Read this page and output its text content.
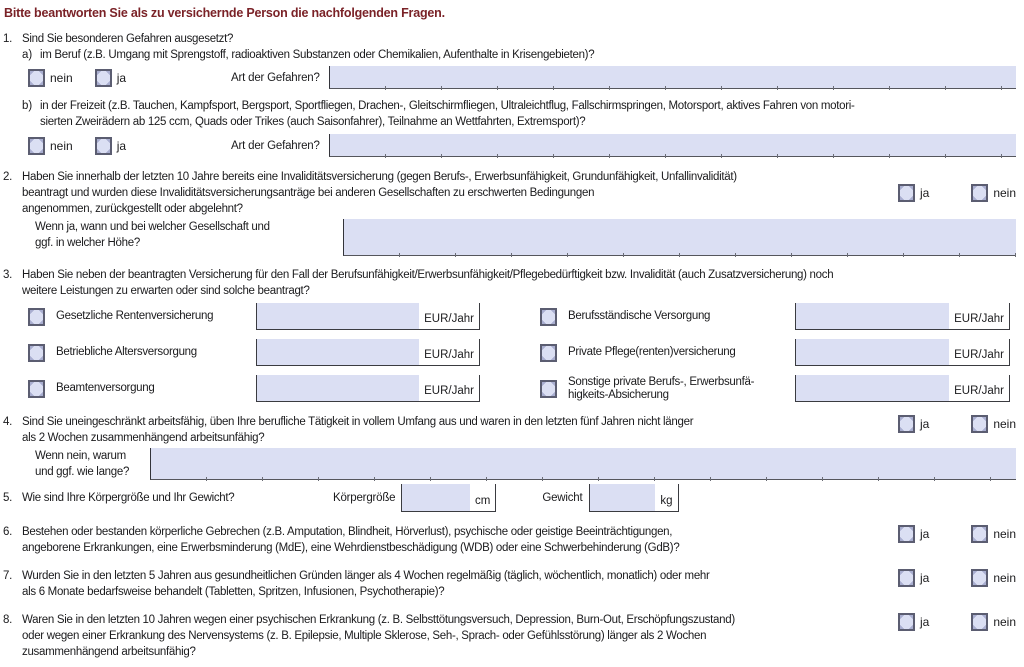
Bitte beantworten Sie als zu versichernde Person die nachfolgenden Fragen.
1. Sind Sie besonderen Gefahren ausgesetzt?
a) im Beruf (z.B. Umgang mit Sprengstoff, radioaktiven Substanzen oder Chemikalien, Aufenthalte in Krisengebieten)?
nein	ja	Art der Gefahren?
b) in der Freizeit (z.B. Tauchen, Kampfsport, Bergsport, Sportfliegen, Drachen-, Gleitschirmfliegen, Ultraleichtflug, Fallschirmspringen, Motorsport, aktives Fahren von motori-
sierten Zweirädern ab 125 ccm, Quads oder Trikes (auch Saisonfahrer), Teilnahme an Wettfahrten, Extremsport)?
nein	ja	Art der Gefahren?
2. Haben Sie innerhalb der letzten 10 Jahre bereits eine Invaliditätsversicherung (gegen Berufs-, Erwerbsunfähigkeit, Grundunfähigkeit, Unfallinvalidität)
beantragt und wurden diese Invaliditätsversicherungsanträge bei anderen Gesellschaften zu erschwerten Bedingungen
angenommen, zurückgestellt oder abgelehnt?
ja	nein
Wenn ja, wann und bei welcher Gesellschaft und
ggf. in welcher Höhe?
3. Haben Sie neben der beantragten Versicherung für den Fall der Berufsunfähigkeit/Erwerbsunfähigkeit/Pflegebedürftigkeit bzw. Invalidität (auch Zusatzversicherung) noch
weitere Leistungen zu erwarten oder sind solche beantragt?
Gesetzliche Rentenversicherung	EUR/Jahr	Berufsständische Versorgung	EUR/Jahr
Betriebliche Altersversorgung	EUR/Jahr	Private Pflege(renten)versicherung	EUR/Jahr
Beamtenversorgung	EUR/Jahr
Sonstige private Berufs-, Erwerbsunfä-
higkeits-Absicherung	EUR/Jahr
4. Sind Sie uneingeschränkt arbeitsfähig, üben Ihre berufliche Tätigkeit in vollem Umfang aus und waren in den letzten fünf Jahren nicht länger
als 2 Wochen zusammenhängend arbeitsunfähig?
ja	nein
Wenn nein, warum
und ggf. wie lange?
5. Wie sind Ihre Körpergröße und Ihr Gewicht?	Körpergröße	cm	Gewicht	kg
6. Bestehen oder bestanden körperliche Gebrechen (z.B. Amputation, Blindheit, Hörverlust), psychische oder geistige Beeinträchtigungen,
angeborene Erkrankungen, eine Erwerbsminderung (MdE), eine Wehrdienstbeschädigung (WDB) oder eine Schwerbehinderung (GdB)?
ja	nein
7. Wurden Sie in den letzten 5 Jahren aus gesundheitlichen Gründen länger als 4 Wochen regelmäßig (täglich, wöchentlich, monatlich) oder mehr
als 6 Monate bedarfsweise behandelt (Tabletten, Spritzen, Infusionen, Psychotherapie)?
ja	nein
8. Waren Sie in den letzten 10 Jahren wegen einer psychischen Erkrankung (z. B. Selbsttötungsversuch, Depression, Burn-Out, Erschöpfungszustand)
oder wegen einer Erkrankung des Nervensystems (z. B. Epilepsie, Multiple Sklerose, Seh-, Sprach- oder Gefühlsstörung) länger als 2 Wochen
zusammenhängend arbeitsunfähig?
ja	nein
